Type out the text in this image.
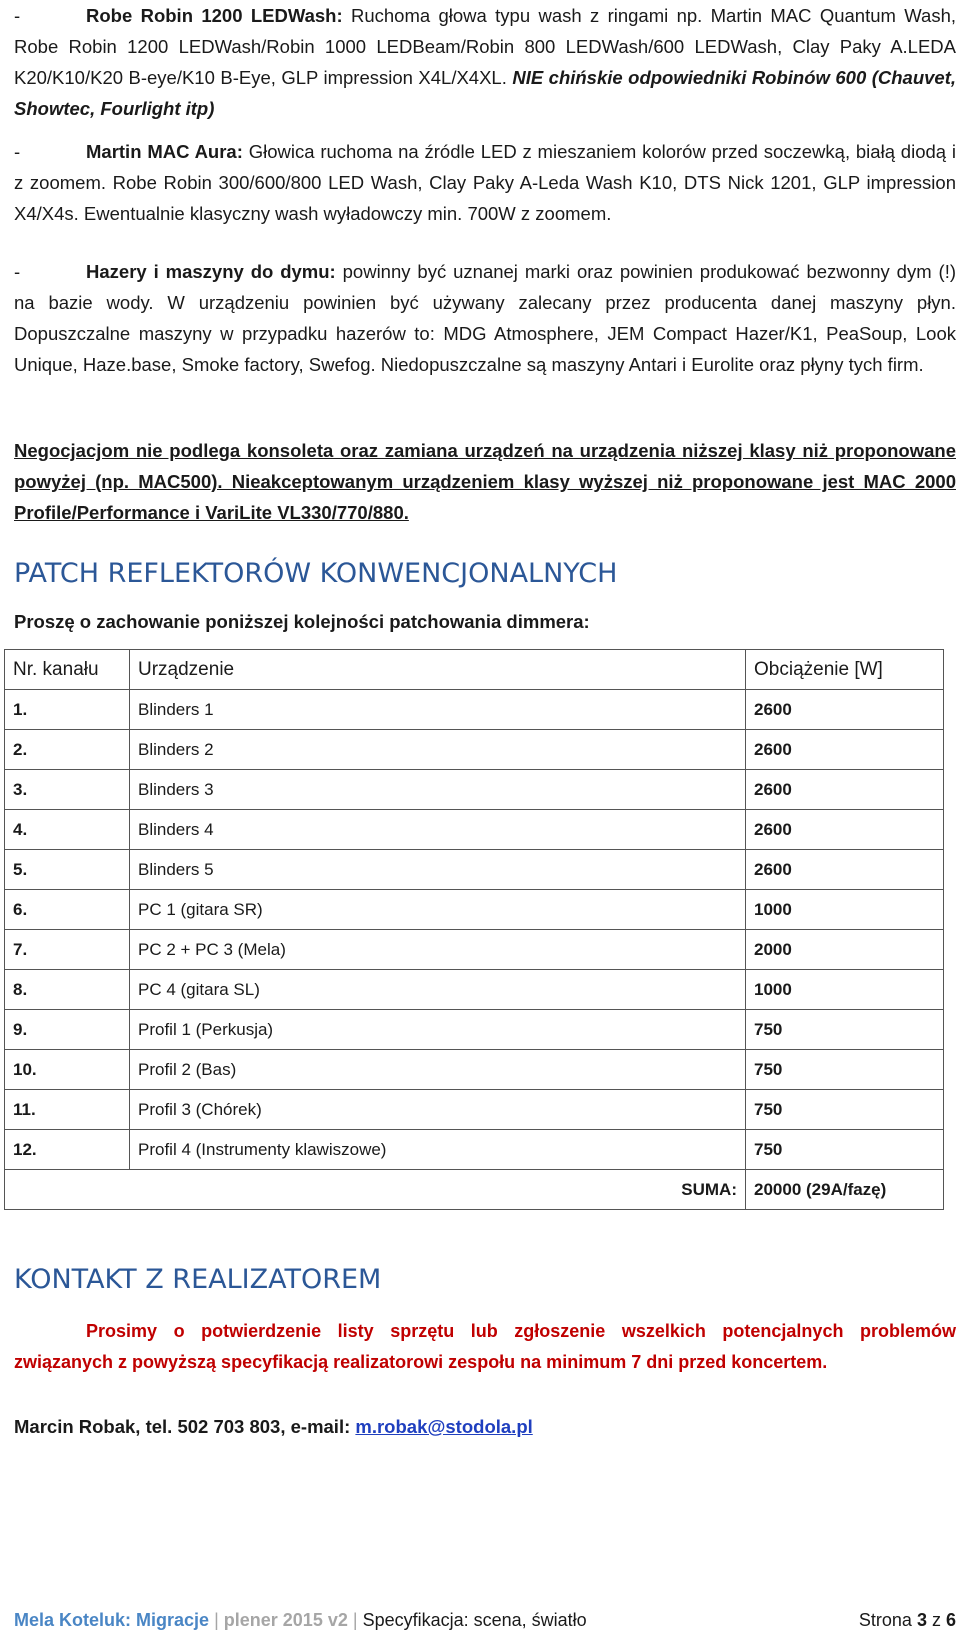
-	Robe Robin 1200 LEDWash: Ruchoma głowa typu wash z ringami np. Martin MAC Quantum Wash, Robe Robin 1200 LEDWash/Robin 1000 LEDBeam/Robin 800 LEDWash/600 LEDWash, Clay Paky A.LEDA K20/K10/K20 B-eye/K10 B-Eye, GLP impression X4L/X4XL. NIE chińskie odpowiedniki Robinów 600 (Chauvet, Showtec, Fourlight itp)

-	Martin MAC Aura: Głowica ruchoma na źródle LED z mieszaniem kolorów przed soczewką, białą diodą i z zoomem. Robe Robin 300/600/800 LED Wash, Clay Paky A-Leda Wash K10, DTS Nick 1201, GLP impression X4/X4s. Ewentualnie klasyczny wash wyładowczy min. 700W z zoomem.

-	Hazery i maszyny do dymu: powinny być uznanej marki oraz powinien produkować bezwonny dym (!) na bazie wody. W urządzeniu powinien być używany zalecany przez producenta danej maszyny płyn. Dopuszczalne maszyny w przypadku hazerów to: MDG Atmosphere, JEM Compact Hazer/K1, PeaSoup, Look Unique, Haze.base, Smoke factory, Swefog. Niedopuszczalne są maszyny Antari i Eurolite oraz płyny tych firm.

Negocjacjom nie podlega konsoleta oraz zamiana urządzeń na urządzenia niższej klasy niż proponowane powyżej (np. MAC500). Nieakceptowanym urządzeniem klasy wyższej niż proponowane jest MAC 2000 Profile/Performance i VariLite VL330/770/880.

PATCH REFLEKTORÓW KONWENCJONALNYCH

Proszę o zachowanie poniższej kolejności patchowania dimmera:

Nr. kanału	Urządzenie	Obciążenie [W]
1.	Blinders 1	2600
2.	Blinders 2	2600
3.	Blinders 3	2600
4.	Blinders 4	2600
5.	Blinders 5	2600
6.	PC 1 (gitara SR)	1000
7.	PC 2 + PC 3 (Mela)	2000
8.	PC 4 (gitara SL)	1000
9.	Profil 1 (Perkusja)	750
10.	Profil 2 (Bas)	750
11.	Profil 3 (Chórek)	750
12.	Profil 4 (Instrumenty klawiszowe)	750
SUMA:		20000 (29A/fazę)
KONTAKT Z REALIZATOREM

Prosimy o potwierdzenie listy sprzętu lub zgłoszenie wszelkich potencjalnych problemów związanych z powyższą specyfikacją realizatorowi zespołu na minimum 7 dni przed koncertem.

Marcin Robak, tel. 502 703 803, e-mail: m.robak@stodola.pl

Mela Koteluk: Migracje | plener 2015 v2 | Specyfikacja: scena, światło	Strona 3 z 6
